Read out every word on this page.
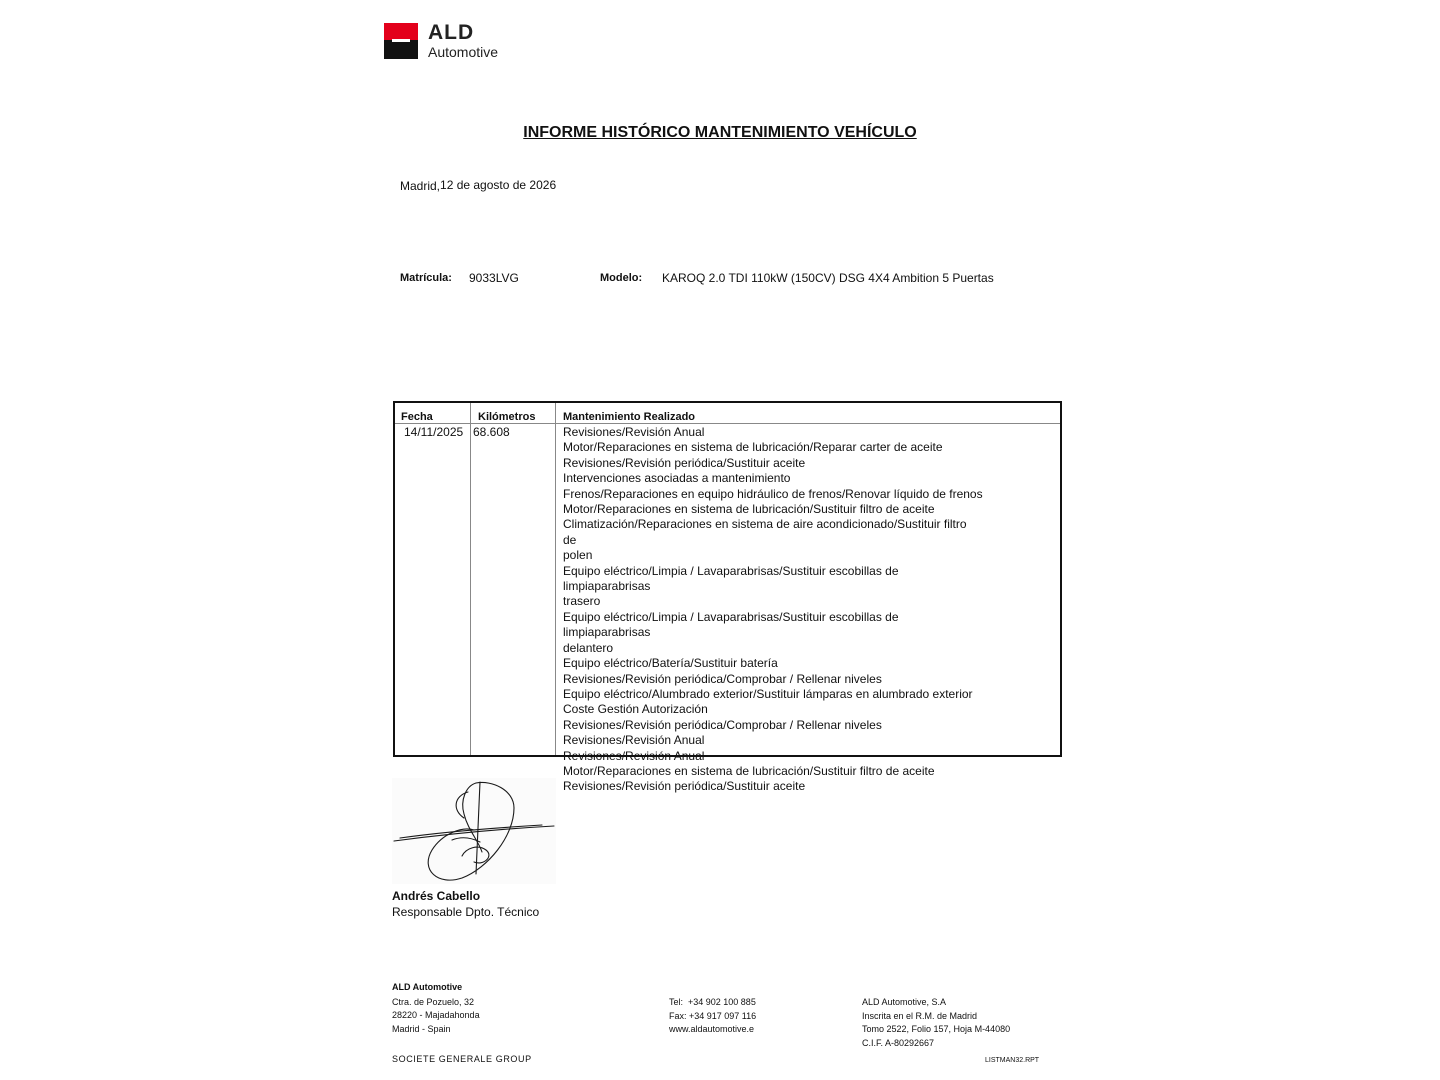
ALD
Automotive
INFORME HISTÓRICO MANTENIMIENTO VEHÍCULO
Madrid,12 de agosto de 2026
Matrícula: 9033LVG	Modelo: KAROQ 2.0 TDI 110kW (150CV) DSG 4X4 Ambition 5 Puertas
Fecha	Kilómetros	Mantenimiento Realizado
14/11/2025 68.608	Revisiones/Revisión Anual
Motor/Reparaciones en sistema de lubricación/Reparar carter de aceite
Revisiones/Revisión periódica/Sustituir aceite
Intervenciones asociadas a mantenimiento
Frenos/Reparaciones en equipo hidráulico de frenos/Renovar líquido de frenos
Motor/Reparaciones en sistema de lubricación/Sustituir filtro de aceite
Climatización/Reparaciones en sistema de aire acondicionado/Sustituir filtro de
polen
Equipo eléctrico/Limpia / Lavaparabrisas/Sustituir escobillas de limpiaparabrisas
trasero
Equipo eléctrico/Limpia / Lavaparabrisas/Sustituir escobillas de limpiaparabrisas
delantero
Equipo eléctrico/Batería/Sustituir batería
Revisiones/Revisión periódica/Comprobar / Rellenar niveles
Equipo eléctrico/Alumbrado exterior/Sustituir lámparas en alumbrado exterior
Coste Gestión Autorización
Revisiones/Revisión periódica/Comprobar / Rellenar niveles
Revisiones/Revisión Anual
Revisiones/Revisión Anual
Motor/Reparaciones en sistema de lubricación/Sustituir filtro de aceite
Revisiones/Revisión periódica/Sustituir aceite
Andrés Cabello
Responsable Dpto. Técnico
ALD Automotive
Ctra. de Pozuelo, 32
28220 - Majadahonda
Madrid - Spain
Tel:  +34 902 100 885
Fax: +34 917 097 116
www.aldautomotive.e
ALD Automotive, S.A
Inscrita en el R.M. de Madrid
Tomo 2522, Folio 157, Hoja M-44080
C.I.F. A-80292667
SOCIETE GENERALE GROUP	LISTMAN32.RPT
